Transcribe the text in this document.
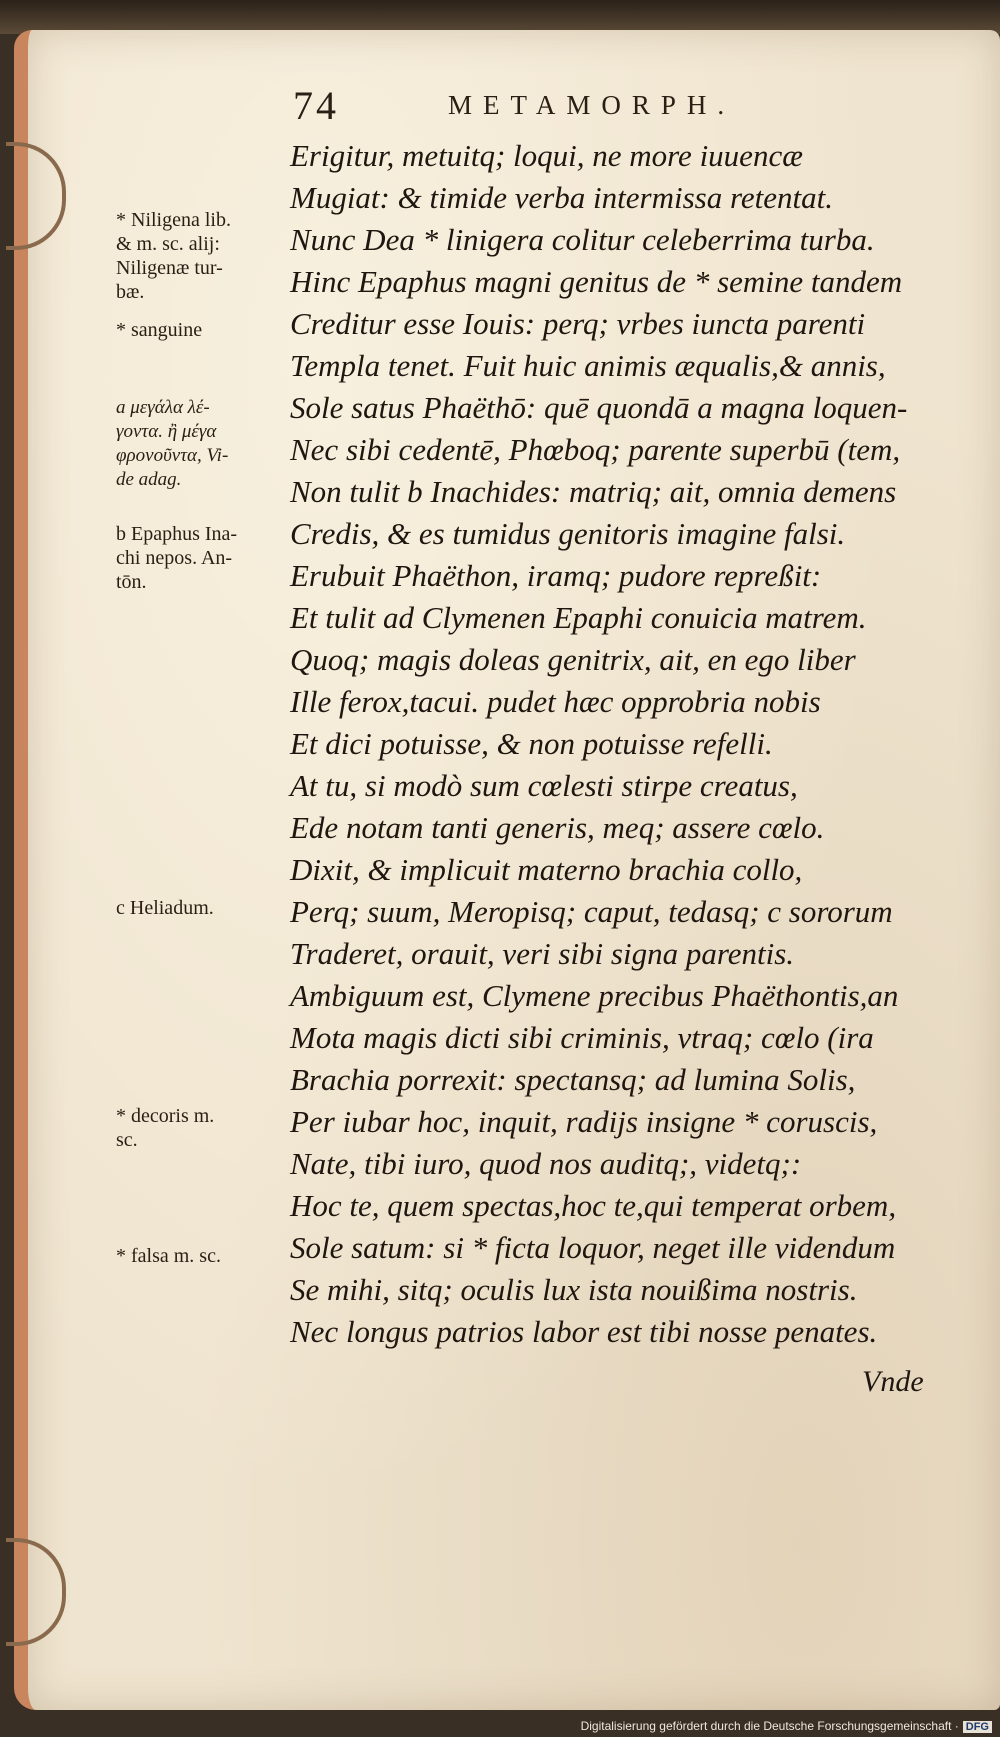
74	METAMORPH.
Erigitur, metuitq; loqui, ne more iuuencæ
Mugiat: & timide verba intermissa retentat.
Nunc Dea * linigera colitur celeberrima turba.
Hinc Epaphus magni genitus de * semine tandem
Creditur esse Iouis: perq; vrbes iuncta parenti
Templa tenet. Fuit huic animis æqualis,& annis,
Sole satus Phaëthō: quē quondā a magna loquen-
Nec sibi cedentē, Phœboq; parente superbū (tem,
Non tulit b Inachides: matriq; ait, omnia demens
Credis, & es tumidus genitoris imagine falsi.
Erubuit Phaëthon, iramq; pudore repreßit:
Et tulit ad Clymenen Epaphi conuicia matrem.
Quoq; magis doleas genitrix, ait, en ego liber
Ille ferox,tacui. pudet hæc opprobria nobis
Et dici potuisse, & non potuisse refelli.
At tu, si modò sum cœlesti stirpe creatus,
Ede notam tanti generis, meq; assere cœlo.
Dixit, & implicuit materno brachia collo,
Perq; suum, Meropisq; caput, tedasq; c sororum
Traderet, orauit, veri sibi signa parentis.
Ambiguum est, Clymene precibus Phaëthontis,an
Mota magis dicti sibi criminis, vtraq; cœlo (ira
Brachia porrexit: spectansq; ad lumina Solis,
Per iubar hoc, inquit, radijs insigne * coruscis,
Nate, tibi iuro, quod nos auditq;, videtq;:
Hoc te, quem spectas,hoc te,qui temperat orbem,
Sole satum: si * ficta loquor, neget ille videndum
Se mihi, sitq; oculis lux ista nouißima nostris.
Nec longus patrios labor est tibi nosse penates.
Vnde
* Niligena lib.
& m. sc. alij:
Niligenæ tur-
bæ.
* sanguine
a μεγάλα λέ-
γοντα. ἢ μέγα
φρονοῦντα, Vi-
de adag.
b Epaphus Ina-
chi nepos. An-
tōn.
c Heliadum.
* decoris m.
sc.
* falsa m. sc.
Digitalisierung gefördert durch die Deutsche Forschungsgemeinschaft · DFG
